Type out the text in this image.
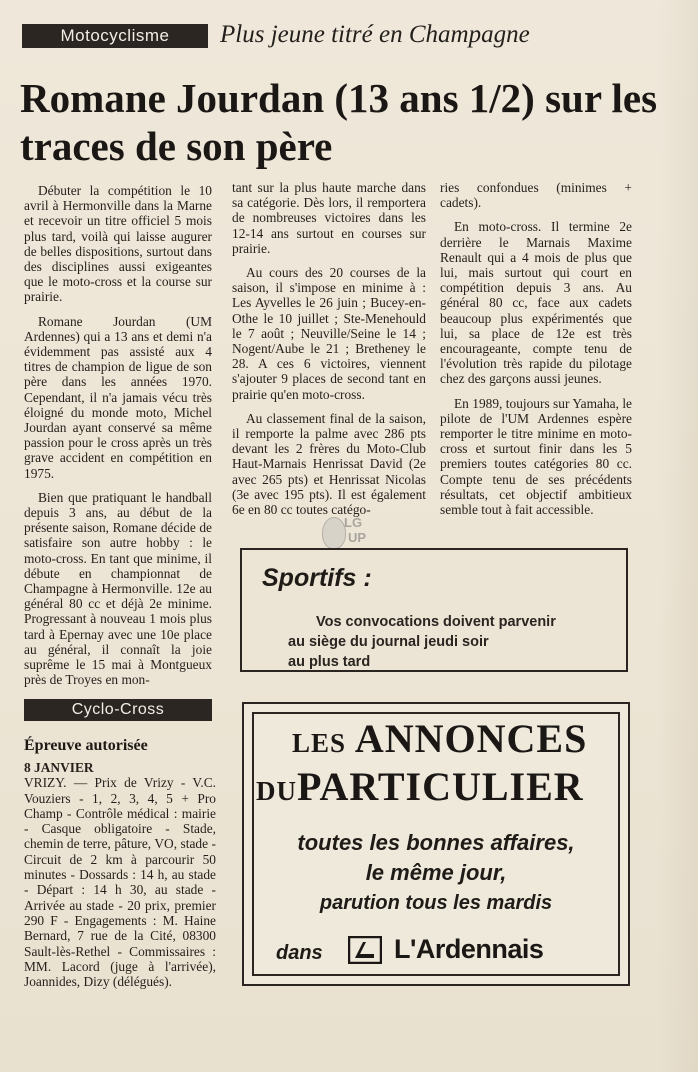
Motocyclisme	Plus jeune titré en Champagne
Romane Jourdan (13 ans 1/2) sur les traces de son père

Débuter la compétition le 10 avril à Hermonville dans la Marne et recevoir un titre officiel 5 mois plus tard, voilà qui laisse augurer de belles dispositions, surtout dans des disciplines aussi exigeantes que le moto-cross et la course sur prairie.

Romane Jourdan (UM Ardennes) qui a 13 ans et demi n'a évidemment pas assisté aux 4 titres de champion de ligue de son père dans les années 1970. Cependant, il n'a jamais vécu très éloigné du monde moto, Michel Jourdan ayant conservé sa même passion pour le cross après un très grave accident en compétition en 1975.

Bien que pratiquant le handball depuis 3 ans, au début de la présente saison, Romane décide de satisfaire son autre hobby : le moto-cross. En tant que minime, il débute en championnat de Champagne à Hermonville. 12e au général 80 cc et déjà 2e minime. Progressant à nouveau 1 mois plus tard à Epernay avec une 10e place au général, il connaît la joie suprême le 15 mai à Montgueux près de Troyes en mon-

tant sur la plus haute marche dans sa catégorie. Dès lors, il remportera de nombreuses victoires dans les 12-14 ans surtout en courses sur prairie.

Au cours des 20 courses de la saison, il s'impose en minime à : Les Ayvelles le 26 juin ; Bucey-en-Othe le 10 juillet ; Ste-Menehould le 7 août ; Neuville/Seine le 14 ; Nogent/Aube le 21 ; Bretheney le 28. A ces 6 victoires, viennent s'ajouter 9 places de second tant en prairie qu'en moto-cross.

Au classement final de la saison, il remporte la palme avec 286 pts devant les 2 frères du Moto-Club Haut-Marnais Henrissat David (2e avec 265 pts) et Henrissat Nicolas (3e avec 195 pts). Il est également 6e en 80 cc toutes catégo-

ries confondues (minimes + cadets).

En moto-cross. Il termine 2e derrière le Marnais Maxime Renault qui a 4 mois de plus que lui, mais surtout qui court en compétition depuis 3 ans. Au général 80 cc, face aux cadets beaucoup plus expérimentés que lui, sa place de 12e est très encourageante, compte tenu de l'évolution très rapide du pilotage chez des garçons aussi jeunes.

En 1989, toujours sur Yamaha, le pilote de l'UM Ardennes espère remporter le titre minime en moto-cross et surtout finir dans les 5 premiers toutes catégories 80 cc. Compte tenu de ses précédents résultats, cet objectif ambitieux semble tout à fait accessible.

LG
UP
Sportifs :
Vos convocations doivent parvenir
au siège du journal jeudi soir
au plus tard
Cyclo-Cross
Épreuve autorisée
8 JANVIER
VRIZY. — Prix de Vrizy - V.C. Vouziers - 1, 2, 3, 4, 5 + Pro Champ - Contrôle médical : mairie - Casque obligatoire - Stade, chemin de terre, pâture, VO, stade - Circuit de 2 km à parcourir 50 minutes - Dossards : 14 h, au stade - Départ : 14 h 30, au stade - Arrivée au stade - 20 prix, premier 290 F - Engagements : M. Haine Bernard, 7 rue de la Cité, 08300 Sault-lès-Rethel - Commissaires : MM. Lacord (juge à l'arrivée), Joannides, Dizy (délégués).
LES ANNONCES
DUPARTICULIER
toutes les bonnes affaires,
le même jour,
parution tous les mardis
dans	L'Ardennais
